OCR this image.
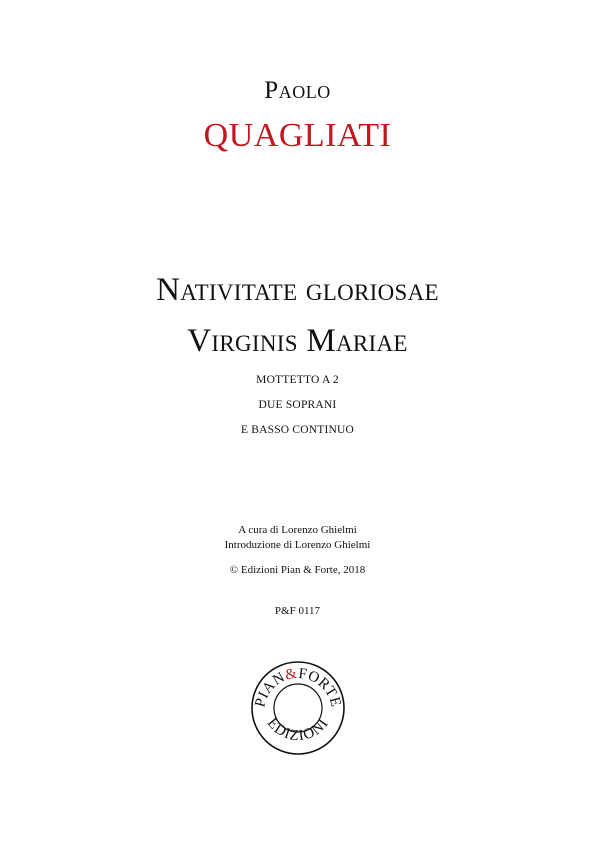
Paolo
QUAGLIATI
Nativitate gloriosae
Virginis Mariae
MOTTETTO A 2
DUE SOPRANI
E BASSO CONTINUO
A cura di Lorenzo Ghielmi
Introduzione di Lorenzo Ghielmi
© Edizioni Pian & Forte, 2018
P&F 0117
PIAN&FORTE
EDIZIONI
